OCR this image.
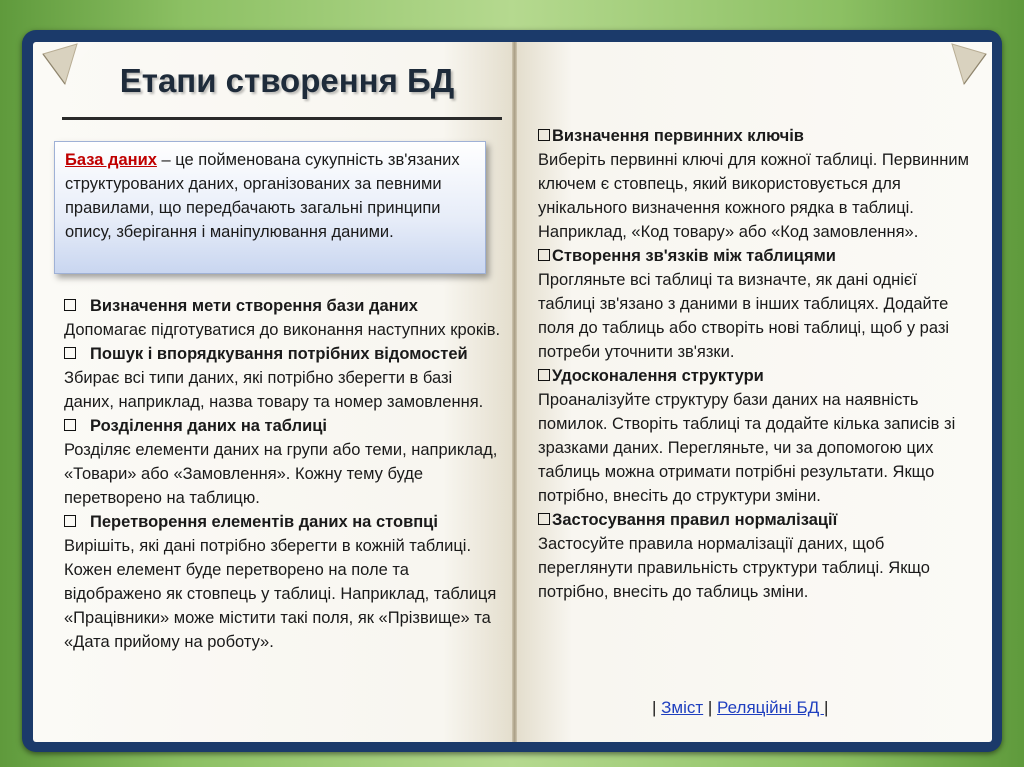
Етапи створення БД
База даних – це пойменована сукупність зв'язаних структурованих даних, організованих за певними правилами, що передбачають загальні принципи опису, зберігання і маніпулювання даними.
Визначення мети створення бази даних
Допомагає підготуватися до виконання наступних кроків.
Пошук і впорядкування потрібних відомостей
Збирає всі типи даних, які потрібно зберегти в базі даних, наприклад, назва товару та номер замовлення.
Розділення даних на таблиці
Розділяє елементи даних на групи або теми, наприклад, «Товари» або «Замовлення». Кожну тему буде перетворено на таблицю.
Перетворення елементів даних на стовпці
Вирішіть, які дані потрібно зберегти в кожній таблиці. Кожен елемент буде перетворено на поле та відображено як стовпець у таблиці. Наприклад, таблиця «Працівники» може містити такі поля, як «Прізвище» та «Дата прийому на роботу».
Визначення первинних ключів
Виберіть первинні ключі для кожної таблиці. Первинним ключем є стовпець, який використовується для унікального визначення кожного рядка в таблиці. Наприклад, «Код товару» або «Код замовлення».
Створення зв'язків між таблицями
Прогляньте всі таблиці та визначте, як дані однієї таблиці зв'язано з даними в інших таблицях. Додайте поля до таблиць або створіть нові таблиці, щоб у разі потреби уточнити зв'язки.
Удосконалення структури
Проаналізуйте структуру бази даних на наявність помилок. Створіть таблиці та додайте кілька записів зі зразками даних. Перегляньте, чи за допомогою цих таблиць можна отримати потрібні результати. Якщо потрібно, внесіть до структури зміни.
Застосування правил нормалізації
Застосуйте правила нормалізації даних, щоб переглянути правильність структури таблиці. Якщо потрібно, внесіть до таблиць зміни.
| Зміст | Реляційні БД |
